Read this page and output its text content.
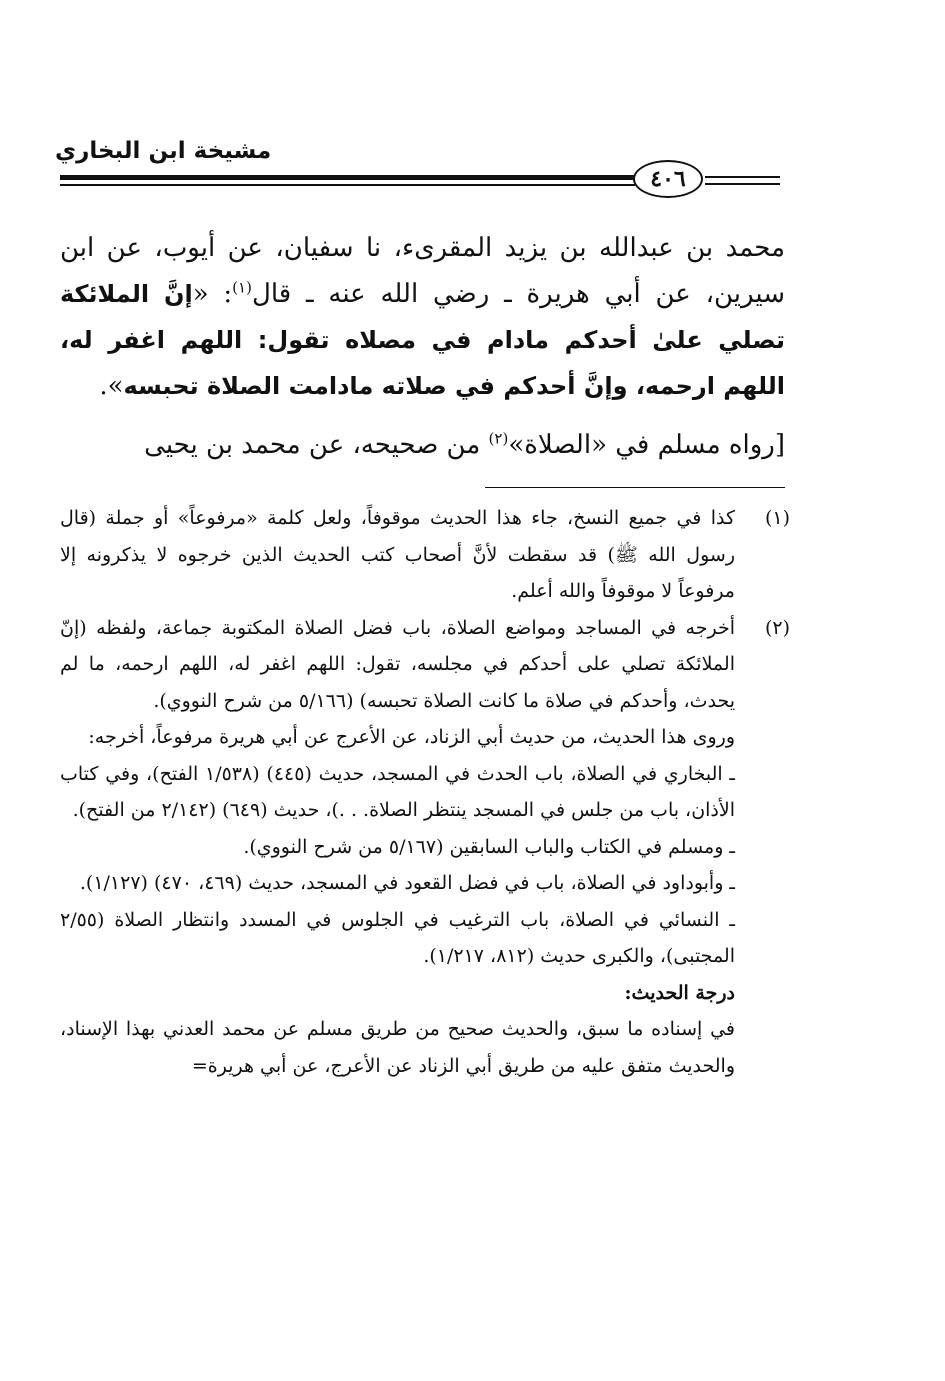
مشيخة ابن البخاري
٤٠٦

محمد بن عبدالله بن يزيد المقرىء، نا سفيان، عن أيوب، عن ابن سيرين، عن أبي هريرة ـ رضي الله عنه ـ قال$^{(١)}$: «إنَّ الملائكة تصلي علىٰ أحدكم مادام في مصلاه تقول: اللهم اغفر له، اللهم ارحمه، وإنَّ أحدكم في صلاته مادامت الصلاة تحبسه».

[رواه مسلم في «الصلاة»$^{(٢)}$ من صحيحه، عن محمد بن يحيى
(١)

كذا في جميع النسخ، جاء هذا الحديث موقوفاً، ولعل كلمة «مرفوعاً» أو جملة (قال رسول الله ﷺ) قد سقطت لأنَّ أصحاب كتب الحديث الذين خرجوه لا يذكرونه إلا مرفوعاً لا موقوفاً والله أعلم.

(٢)

أخرجه في المساجد ومواضع الصلاة، باب فضل الصلاة المكتوبة جماعة، ولفظه (إنّ الملائكة تصلي على أحدكم في مجلسه، تقول: اللهم اغفر له، اللهم ارحمه، ما لم يحدث، وأحدكم في صلاة ما كانت الصلاة تحبسه) (٥/١٦٦ من شرح النووي).

وروى هذا الحديث، من حديث أبي الزناد، عن الأعرج عن أبي هريرة مرفوعاً، أخرجه:

ـ البخاري في الصلاة، باب الحدث في المسجد، حديث (٤٤٥) (١/٥٣٨ الفتح)، وفي كتاب الأذان، باب من جلس في المسجد ينتظر الصلاة. . .)، حديث (٦٤٩) (٢/١٤٢ من الفتح).

ـ ومسلم في الكتاب والباب السابقين (٥/١٦٧ من شرح النووي).

ـ وأبوداود في الصلاة، باب في فضل القعود في المسجد، حديث (٤٦٩، ٤٧٠) (١/١٢٧).

ـ النسائي في الصلاة، باب الترغيب في الجلوس في المسدد وانتظار الصلاة (٢/٥٥ المجتبى)، والكبرى حديث (٨١٢، ١/٢١٧).

درجة الحديث:

في إسناده ما سبق، والحديث صحيح من طريق مسلم عن محمد العدني بهذا الإسناد، والحديث متفق عليه من طريق أبي الزناد عن الأعرج، عن أبي هريرة=
